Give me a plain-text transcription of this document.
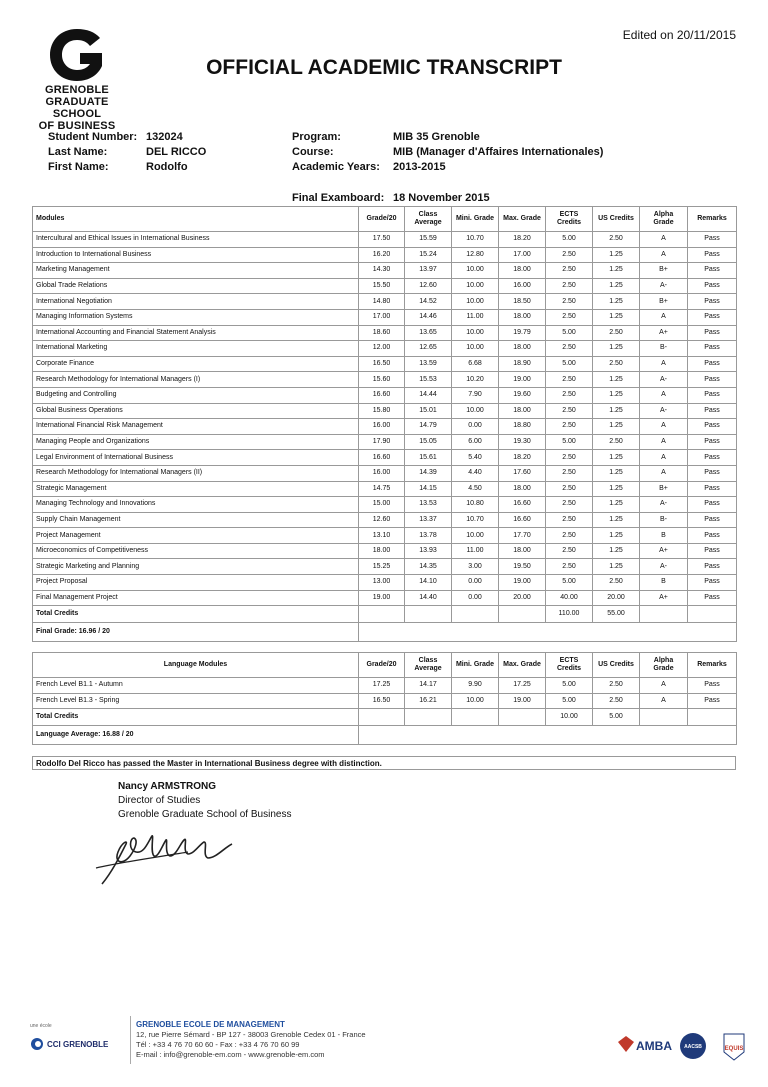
Edited on 20/11/2015
GRENOBLE
GRADUATE SCHOOL
OF BUSINESS
OFFICIAL ACADEMIC TRANSCRIPT
Student Number: 132024
Last Name:	DEL RICCO
First Name:	Rodolfo
Program:	MIB 35 Grenoble
Course:	MIB (Manager d'Affaires Internationales)
Academic Years: 2013-2015
Final Examboard: 18 November 2015
Modules	Grade/20	Class Average	Mini. Grade	Max. Grade	ECTS Credits	US Credits	Alpha Grade	Remarks
Intercultural and Ethical Issues in International Business	17.50	15.59	10.70	18.20	5.00	2.50	A	Pass
Introduction to International Business	16.20	15.24	12.80	17.00	2.50	1.25	A	Pass
Marketing Management	14.30	13.97	10.00	18.00	2.50	1.25	B+	Pass
Global Trade Relations	15.50	12.60	10.00	16.00	2.50	1.25	A-	Pass
International Negotiation	14.80	14.52	10.00	18.50	2.50	1.25	B+	Pass
Managing Information Systems	17.00	14.46	11.00	18.00	2.50	1.25	A	Pass
International Accounting and Financial Statement Analysis	18.60	13.65	10.00	19.79	5.00	2.50	A+	Pass
International Marketing	12.00	12.65	10.00	18.00	2.50	1.25	B-	Pass
Corporate Finance	16.50	13.59	6.68	18.90	5.00	2.50	A	Pass
Research Methodology for International Managers (I)	15.60	15.53	10.20	19.00	2.50	1.25	A-	Pass
Budgeting and Controlling	16.60	14.44	7.90	19.60	2.50	1.25	A	Pass
Global Business Operations	15.80	15.01	10.00	18.00	2.50	1.25	A-	Pass
International Financial Risk Management	16.00	14.79	0.00	18.80	2.50	1.25	A	Pass
Managing People and Organizations	17.90	15.05	6.00	19.30	5.00	2.50	A	Pass
Legal Environment of International Business	16.60	15.61	5.40	18.20	2.50	1.25	A	Pass
Research Methodology for International Managers (II)	16.00	14.39	4.40	17.60	2.50	1.25	A	Pass
Strategic Management	14.75	14.15	4.50	18.00	2.50	1.25	B+	Pass
Managing Technology and Innovations	15.00	13.53	10.80	16.60	2.50	1.25	A-	Pass
Supply Chain Management	12.60	13.37	10.70	16.60	2.50	1.25	B-	Pass
Project Management	13.10	13.78	10.00	17.70	2.50	1.25	B	Pass
Microeconomics of Competitiveness	18.00	13.93	11.00	18.00	2.50	1.25	A+	Pass
Strategic Marketing and Planning	15.25	14.35	3.00	19.50	2.50	1.25	A-	Pass
Project Proposal	13.00	14.10	0.00	19.00	5.00	2.50	B	Pass
Final Management Project	19.00	14.40	0.00	20.00	40.00	20.00	A+	Pass
Total Credits					110.00	55.00		
Final Grade: 16.96 / 20								
Language Modules	Grade/20	Class Average	Mini. Grade	Max. Grade	ECTS Credits	US Credits	Alpha Grade	Remarks
French Level B1.1 - Autumn	17.25	14.17	9.90	17.25	5.00	2.50	A	Pass
French Level B1.3 - Spring	16.50	16.21	10.00	19.00	5.00	2.50	A	Pass
Total Credits					10.00	5.00		
Language Average: 16.88 / 20								
Rodolfo Del Ricco has passed the Master in International Business degree with distinction.
Nancy ARMSTRONG
Director of Studies
Grenoble Graduate School of Business
une école
CCI GRENOBLE
GRENOBLE ECOLE DE MANAGEMENT
12, rue Pierre Sémard - BP 127 - 38003 Grenoble Cedex 01 - France
Tél : +33 4 76 70 60 60 - Fax : +33 4 76 70 60 99
E-mail : info@grenoble-em.com - www.grenoble-em.com
AMBA AACSB	EQUIS
